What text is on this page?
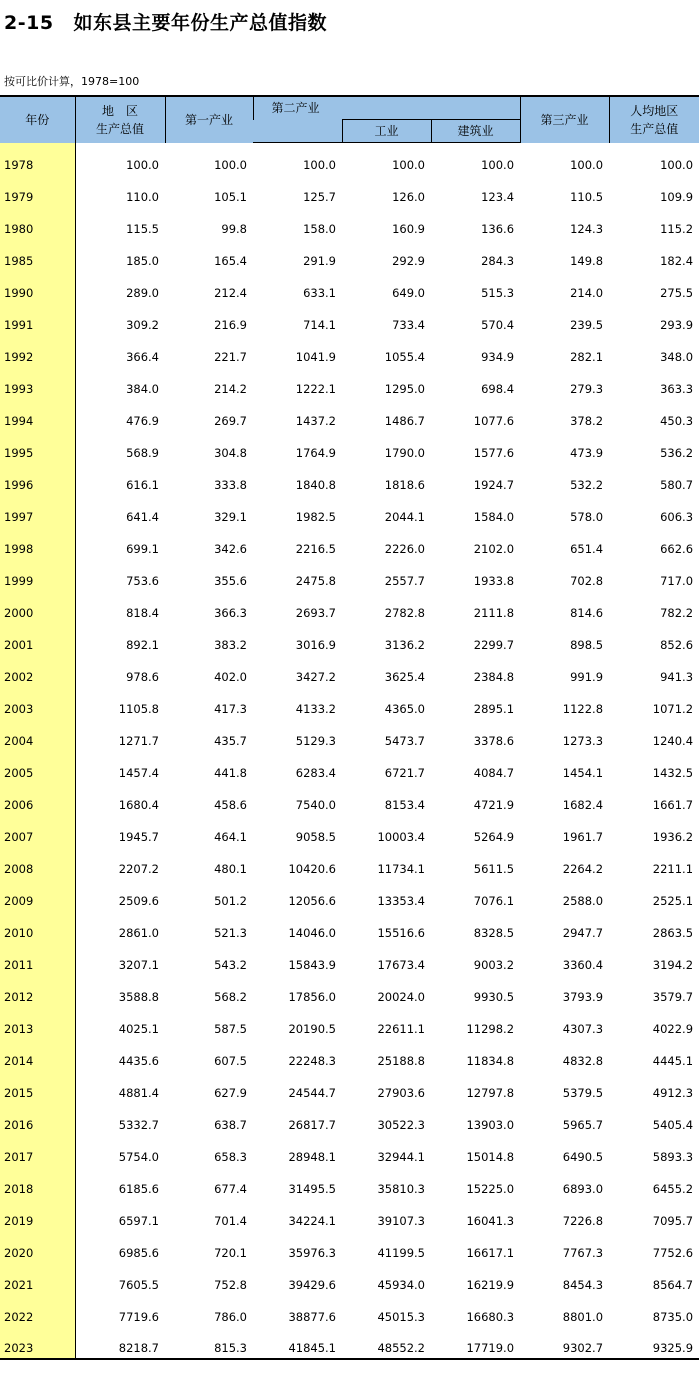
2-15 如东县主要年份生产总值指数
按可比价计算，1978=100
年份	地　区
生产总值	第一产业	第二产业			第三产业	人均地区
生产总值

				工业	建筑业		
1978	100.0	100.0	100.0	100.0	100.0	100.0	100.0
1979	110.0	105.1	125.7	126.0	123.4	110.5	109.9
1980	115.5	99.8	158.0	160.9	136.6	124.3	115.2
1985	185.0	165.4	291.9	292.9	284.3	149.8	182.4
1990	289.0	212.4	633.1	649.0	515.3	214.0	275.5
1991	309.2	216.9	714.1	733.4	570.4	239.5	293.9
1992	366.4	221.7	1041.9	1055.4	934.9	282.1	348.0
1993	384.0	214.2	1222.1	1295.0	698.4	279.3	363.3
1994	476.9	269.7	1437.2	1486.7	1077.6	378.2	450.3
1995	568.9	304.8	1764.9	1790.0	1577.6	473.9	536.2
1996	616.1	333.8	1840.8	1818.6	1924.7	532.2	580.7
1997	641.4	329.1	1982.5	2044.1	1584.0	578.0	606.3
1998	699.1	342.6	2216.5	2226.0	2102.0	651.4	662.6
1999	753.6	355.6	2475.8	2557.7	1933.8	702.8	717.0
2000	818.4	366.3	2693.7	2782.8	2111.8	814.6	782.2
2001	892.1	383.2	3016.9	3136.2	2299.7	898.5	852.6
2002	978.6	402.0	3427.2	3625.4	2384.8	991.9	941.3
2003	1105.8	417.3	4133.2	4365.0	2895.1	1122.8	1071.2
2004	1271.7	435.7	5129.3	5473.7	3378.6	1273.3	1240.4
2005	1457.4	441.8	6283.4	6721.7	4084.7	1454.1	1432.5
2006	1680.4	458.6	7540.0	8153.4	4721.9	1682.4	1661.7
2007	1945.7	464.1	9058.5	10003.4	5264.9	1961.7	1936.2
2008	2207.2	480.1	10420.6	11734.1	5611.5	2264.2	2211.1
2009	2509.6	501.2	12056.6	13353.4	7076.1	2588.0	2525.1
2010	2861.0	521.3	14046.0	15516.6	8328.5	2947.7	2863.5
2011	3207.1	543.2	15843.9	17673.4	9003.2	3360.4	3194.2
2012	3588.8	568.2	17856.0	20024.0	9930.5	3793.9	3579.7
2013	4025.1	587.5	20190.5	22611.1	11298.2	4307.3	4022.9
2014	4435.6	607.5	22248.3	25188.8	11834.8	4832.8	4445.1
2015	4881.4	627.9	24544.7	27903.6	12797.8	5379.5	4912.3
2016	5332.7	638.7	26817.7	30522.3	13903.0	5965.7	5405.4
2017	5754.0	658.3	28948.1	32944.1	15014.8	6490.5	5893.3
2018	6185.6	677.4	31495.5	35810.3	15225.0	6893.0	6455.2
2019	6597.1	701.4	34224.1	39107.3	16041.3	7226.8	7095.7
2020	6985.6	720.1	35976.3	41199.5	16617.1	7767.3	7752.6
2021	7605.5	752.8	39429.6	45934.0	16219.9	8454.3	8564.7
2022	7719.6	786.0	38877.6	45015.3	16680.3	8801.0	8735.0
2023	8218.7	815.3	41845.1	48552.2	17719.0	9302.7	9325.9
